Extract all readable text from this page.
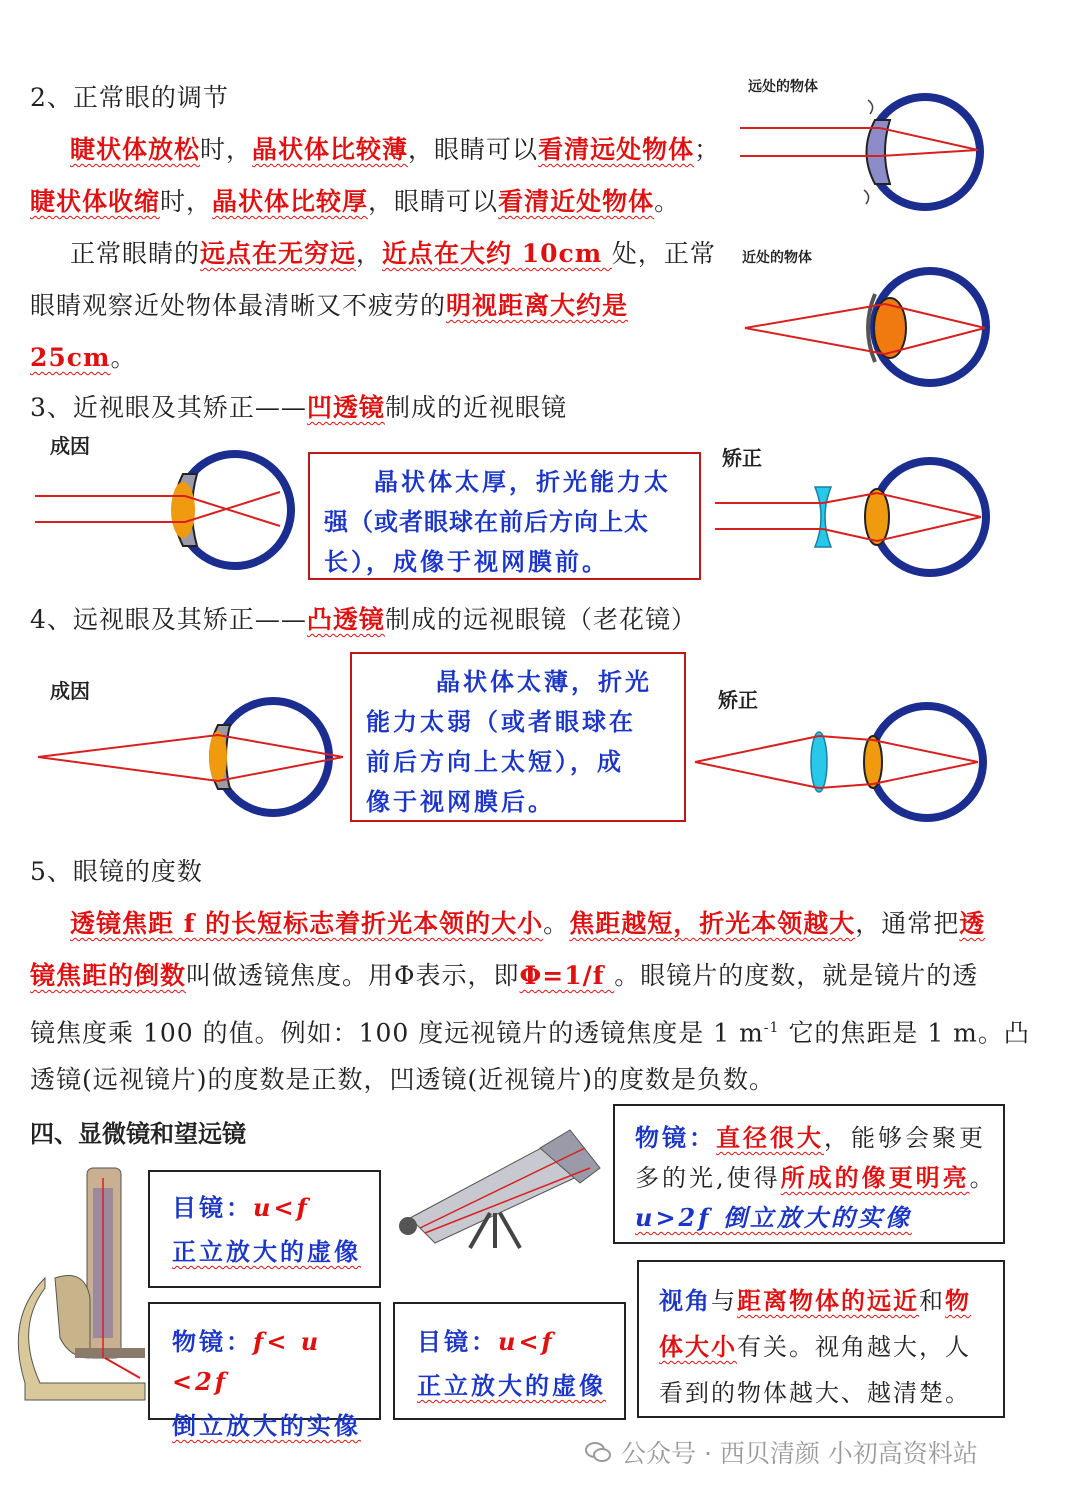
2、正常眼的调节
睫状体放松时，晶状体比较薄，眼睛可以看清远处物体；
睫状体收缩时，晶状体比较厚，眼睛可以看清近处物体。
正常眼睛的远点在无穷远，近点在大约 10cm 处，正常
眼睛观察近处物体最清晰又不疲劳的明视距离大约是
25cm。
远处的物体
近处的物体
3、近视眼及其矫正——凹透镜制成的近视眼镜
成因
晶状体太厚，折光能力太
强（或者眼球在前后方向上太
长），成像于视网膜前。
矫正
4、远视眼及其矫正——凸透镜制成的远视眼镜（老花镜）
成因	晶状体太薄，折光
能力太弱（或者眼球在
前后方向上太短），成
像于视网膜后。
矫正
5、眼镜的度数
透镜焦距 f 的长短标志着折光本领的大小。焦距越短，折光本领越大，通常把透
镜焦距的倒数叫做透镜焦度。用Φ表示，即Φ=1/f 。眼镜片的度数，就是镜片的透
镜焦度乘 100 的值。例如：100 度远视镜片的透镜焦度是 1 $m^{-1}$ 它的焦距是 1 m。凸
透镜(远视镜片)的度数是正数，凹透镜(近视镜片)的度数是负数。
四、显微镜和望远镜
目镜：u<f
正立放大的虚像
物镜：f< u <2f
倒立放大的实像
目镜：u<f
正立放大的虚像
物镜：直径很大，能够会聚更
多的光,使得所成的像更明亮。
u>2f 倒立放大的实像
视角与距离物体的远近和物
体大小有关。视角越大，人
看到的物体越大、越清楚。
公众号 · 西贝清颜 小初高资料站
